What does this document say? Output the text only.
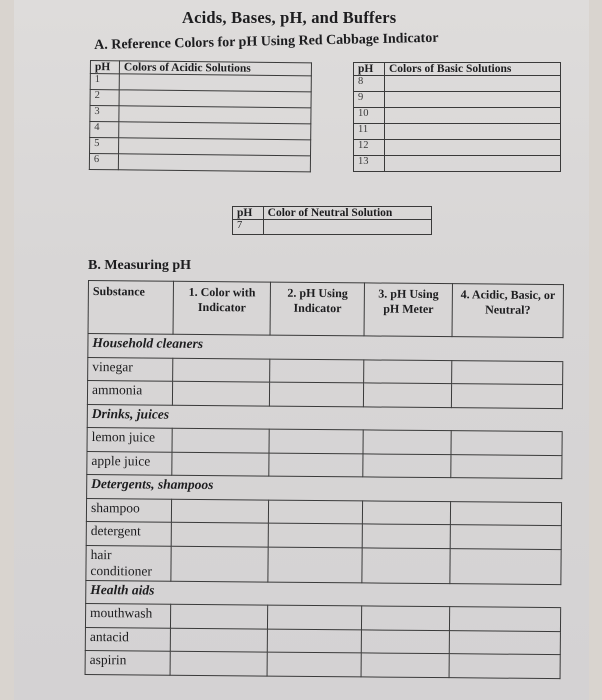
Acids, Bases, pH, and Buffers
A. Reference Colors for pH Using Red Cabbage Indicator
pH	Colors of Acidic Solutions
1	
2	
3	
4	
5	
6	
pH	Colors of Basic Solutions
8	
9	
10	
11	
12	
13	
pH	Color of Neutral Solution
7	
B. Measuring pH
Substance	1. Color with Indicator	2. pH Using Indicator	3. pH Using pH Meter	4. Acidic, Basic, or Neutral?
Household cleaners				
vinegar				
ammonia				
Drinks, juices				
lemon juice				
apple juice				
Detergents, shampoos				
shampoo				
detergent				
hair conditioner				
Health aids				
mouthwash				
antacid				
aspirin				
